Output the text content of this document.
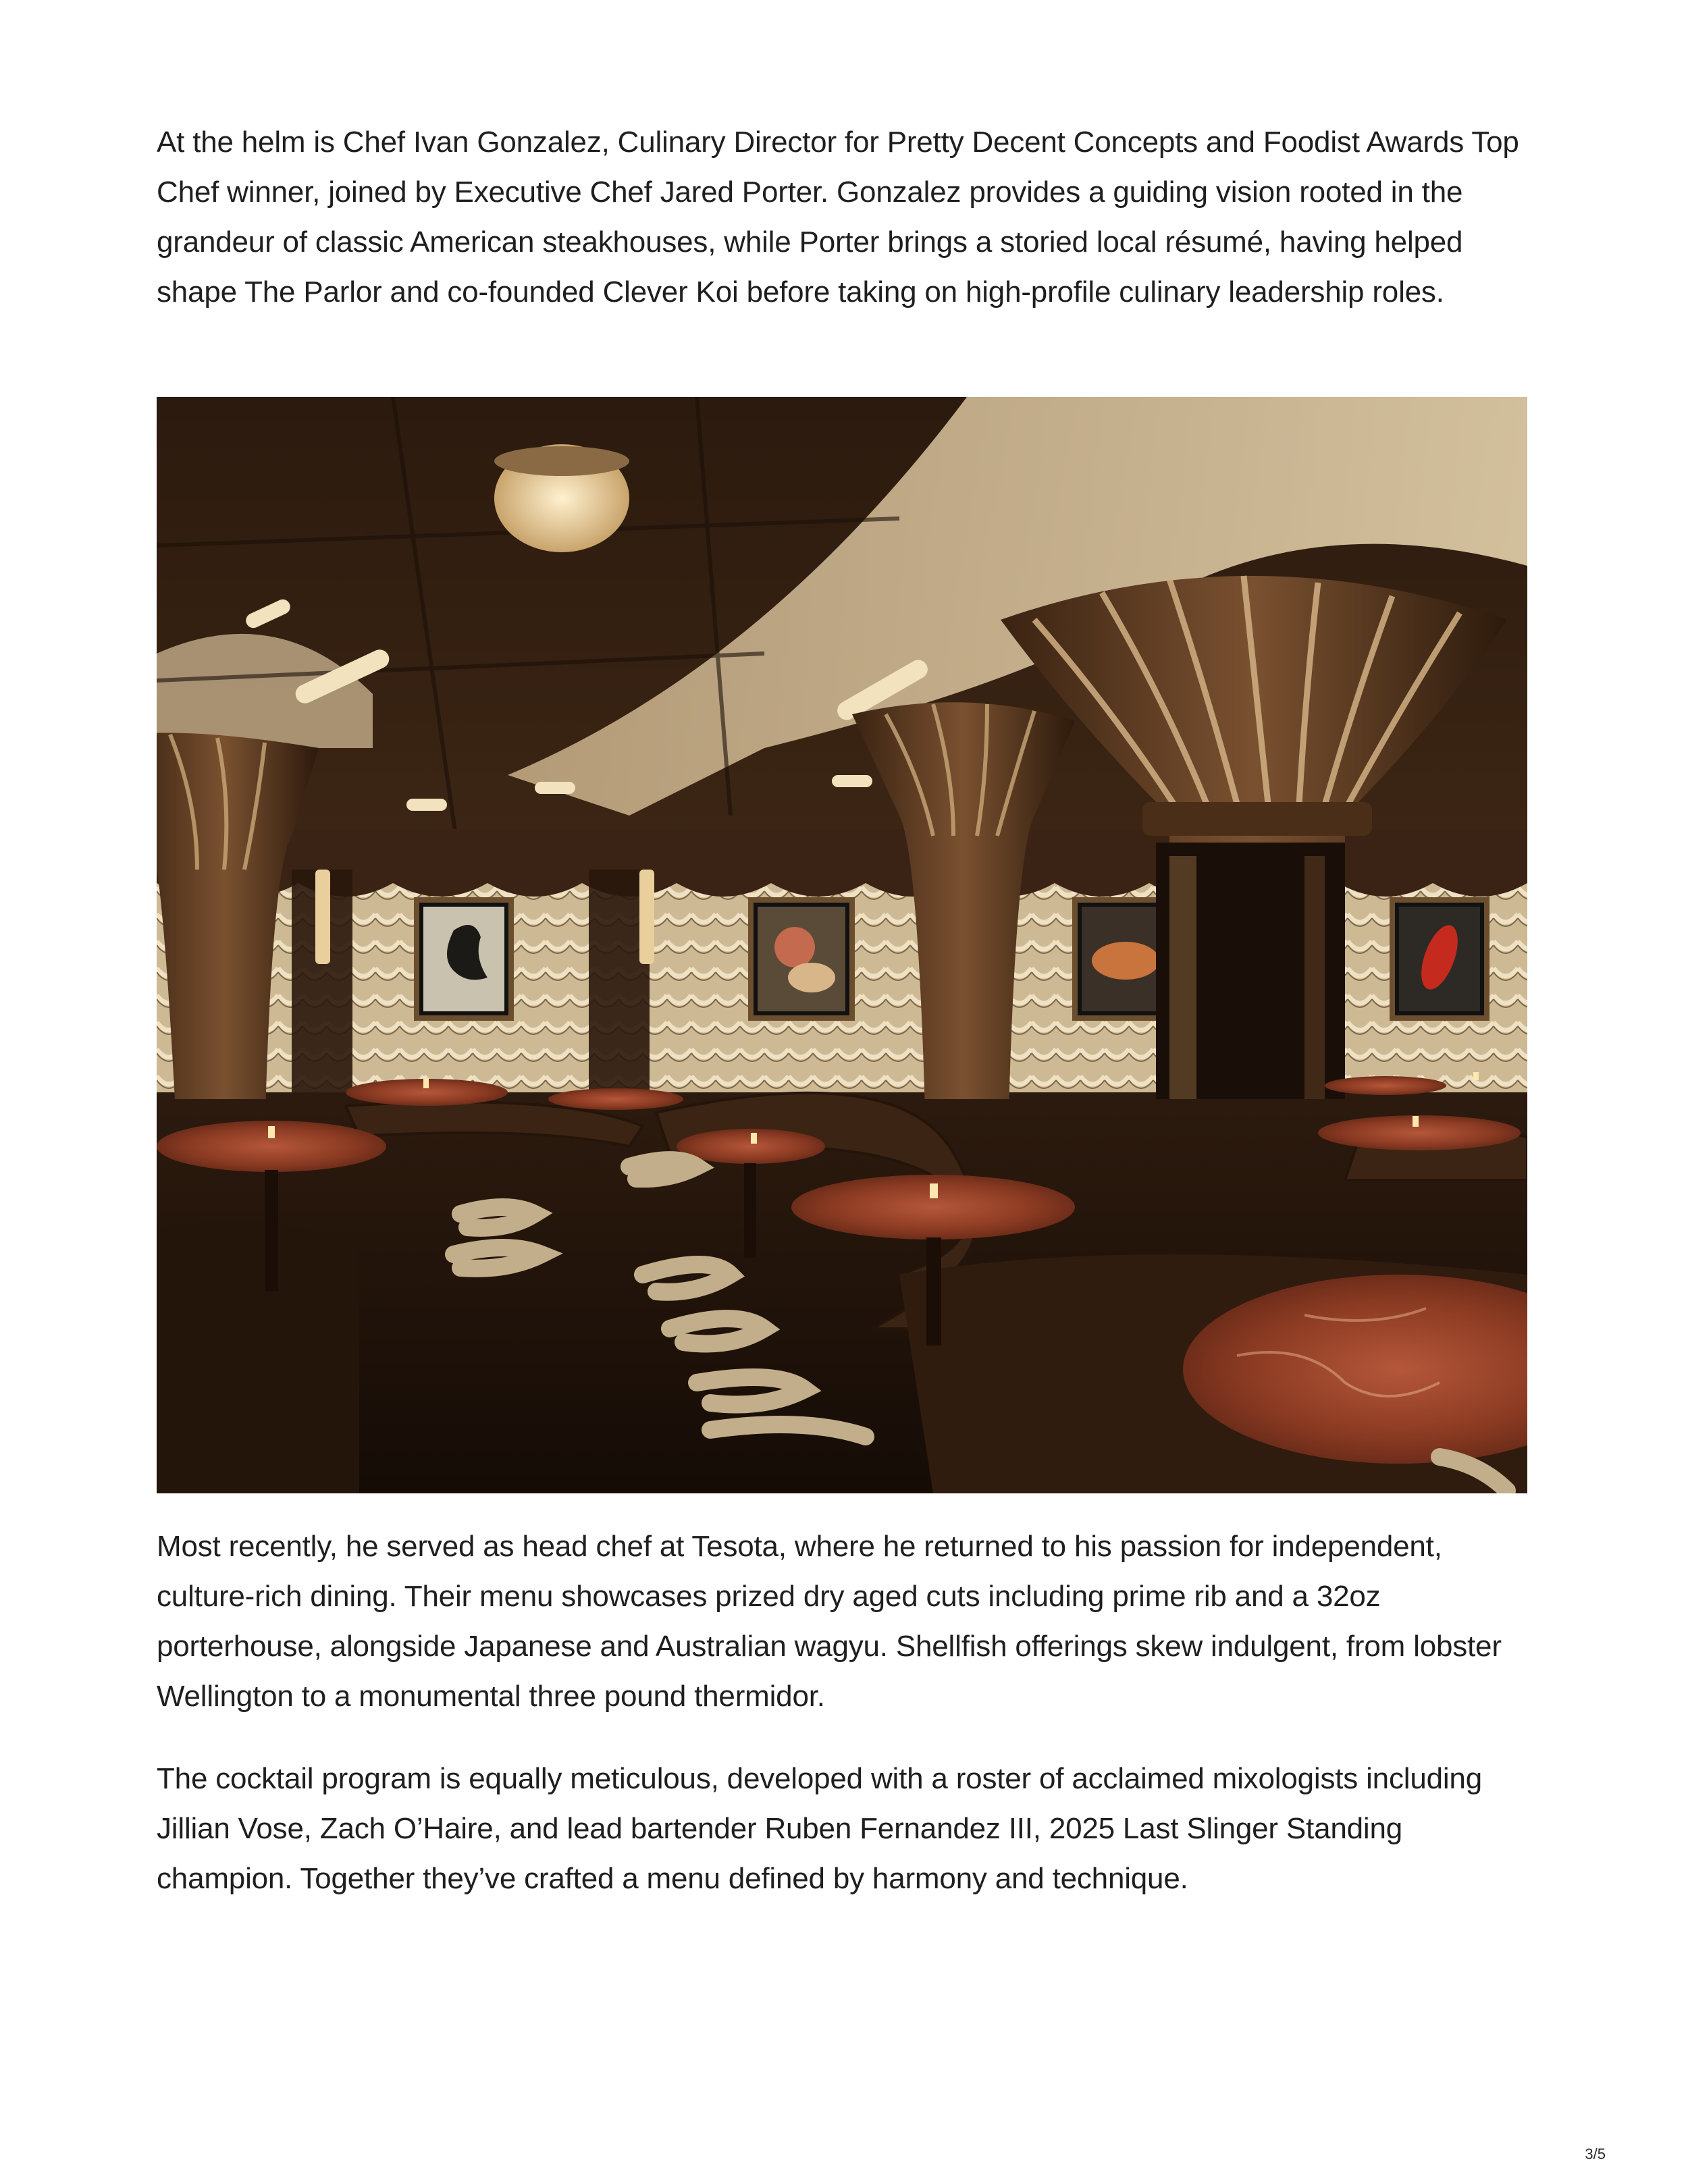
At the helm is Chef Ivan Gonzalez, Culinary Director for Pretty Decent Concepts and Foodist Awards Top Chef winner, joined by Executive Chef Jared Porter. Gonzalez provides a guiding vision rooted in the grandeur of classic American steakhouses, while Porter brings a storied local résumé, having helped shape The Parlor and co-founded Clever Koi before taking on high-profile culinary leadership roles.

Most recently, he served as head chef at Tesota, where he returned to his passion for independent, culture-rich dining. Their menu showcases prized dry aged cuts including prime rib and a 32oz porterhouse, alongside Japanese and Australian wagyu. Shellfish offerings skew indulgent, from lobster Wellington to a monumental three pound thermidor.

The cocktail program is equally meticulous, developed with a roster of acclaimed mixologists including Jillian Vose, Zach O’Haire, and lead bartender Ruben Fernandez III, 2025 Last Slinger Standing champion. Together they’ve crafted a menu defined by harmony and technique.

3/5
